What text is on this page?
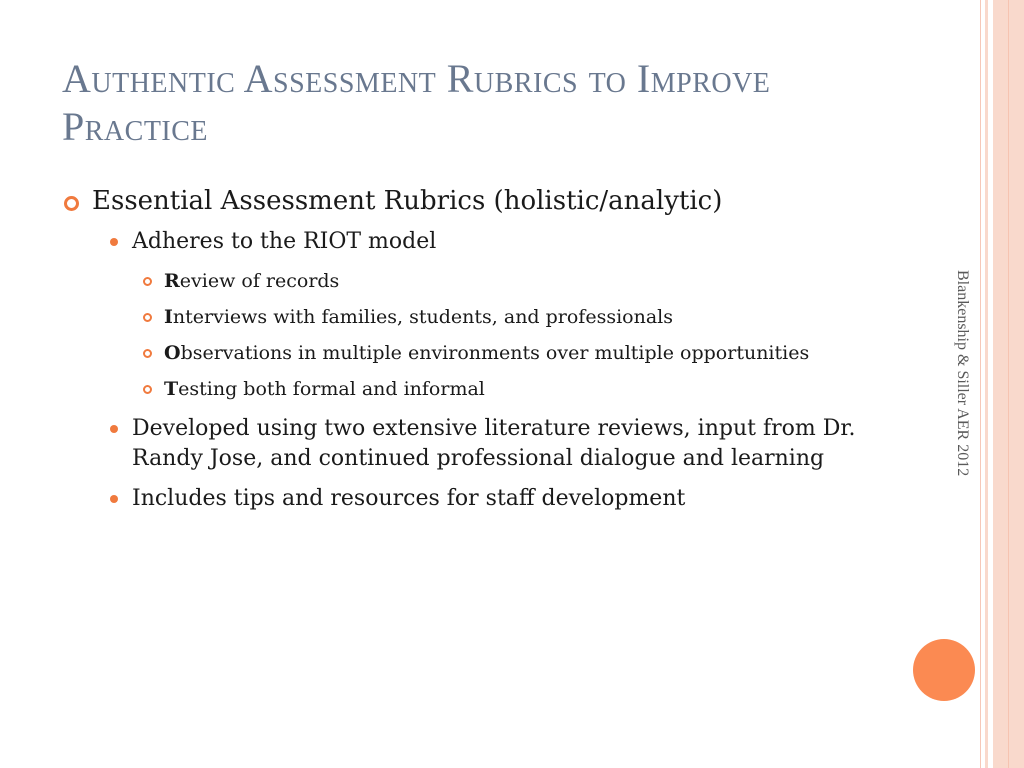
Authentic Assessment Rubrics to Improve Practice
Essential Assessment Rubrics (holistic/analytic)
Adheres to the RIOT model
Review of records
Interviews with families, students, and professionals
Observations in multiple environments over multiple opportunities
Testing both formal and informal
Developed using two extensive literature reviews, input from Dr. Randy Jose, and continued professional dialogue and learning
Includes tips and resources for staff development
Blankenship & Siller AER 2012
